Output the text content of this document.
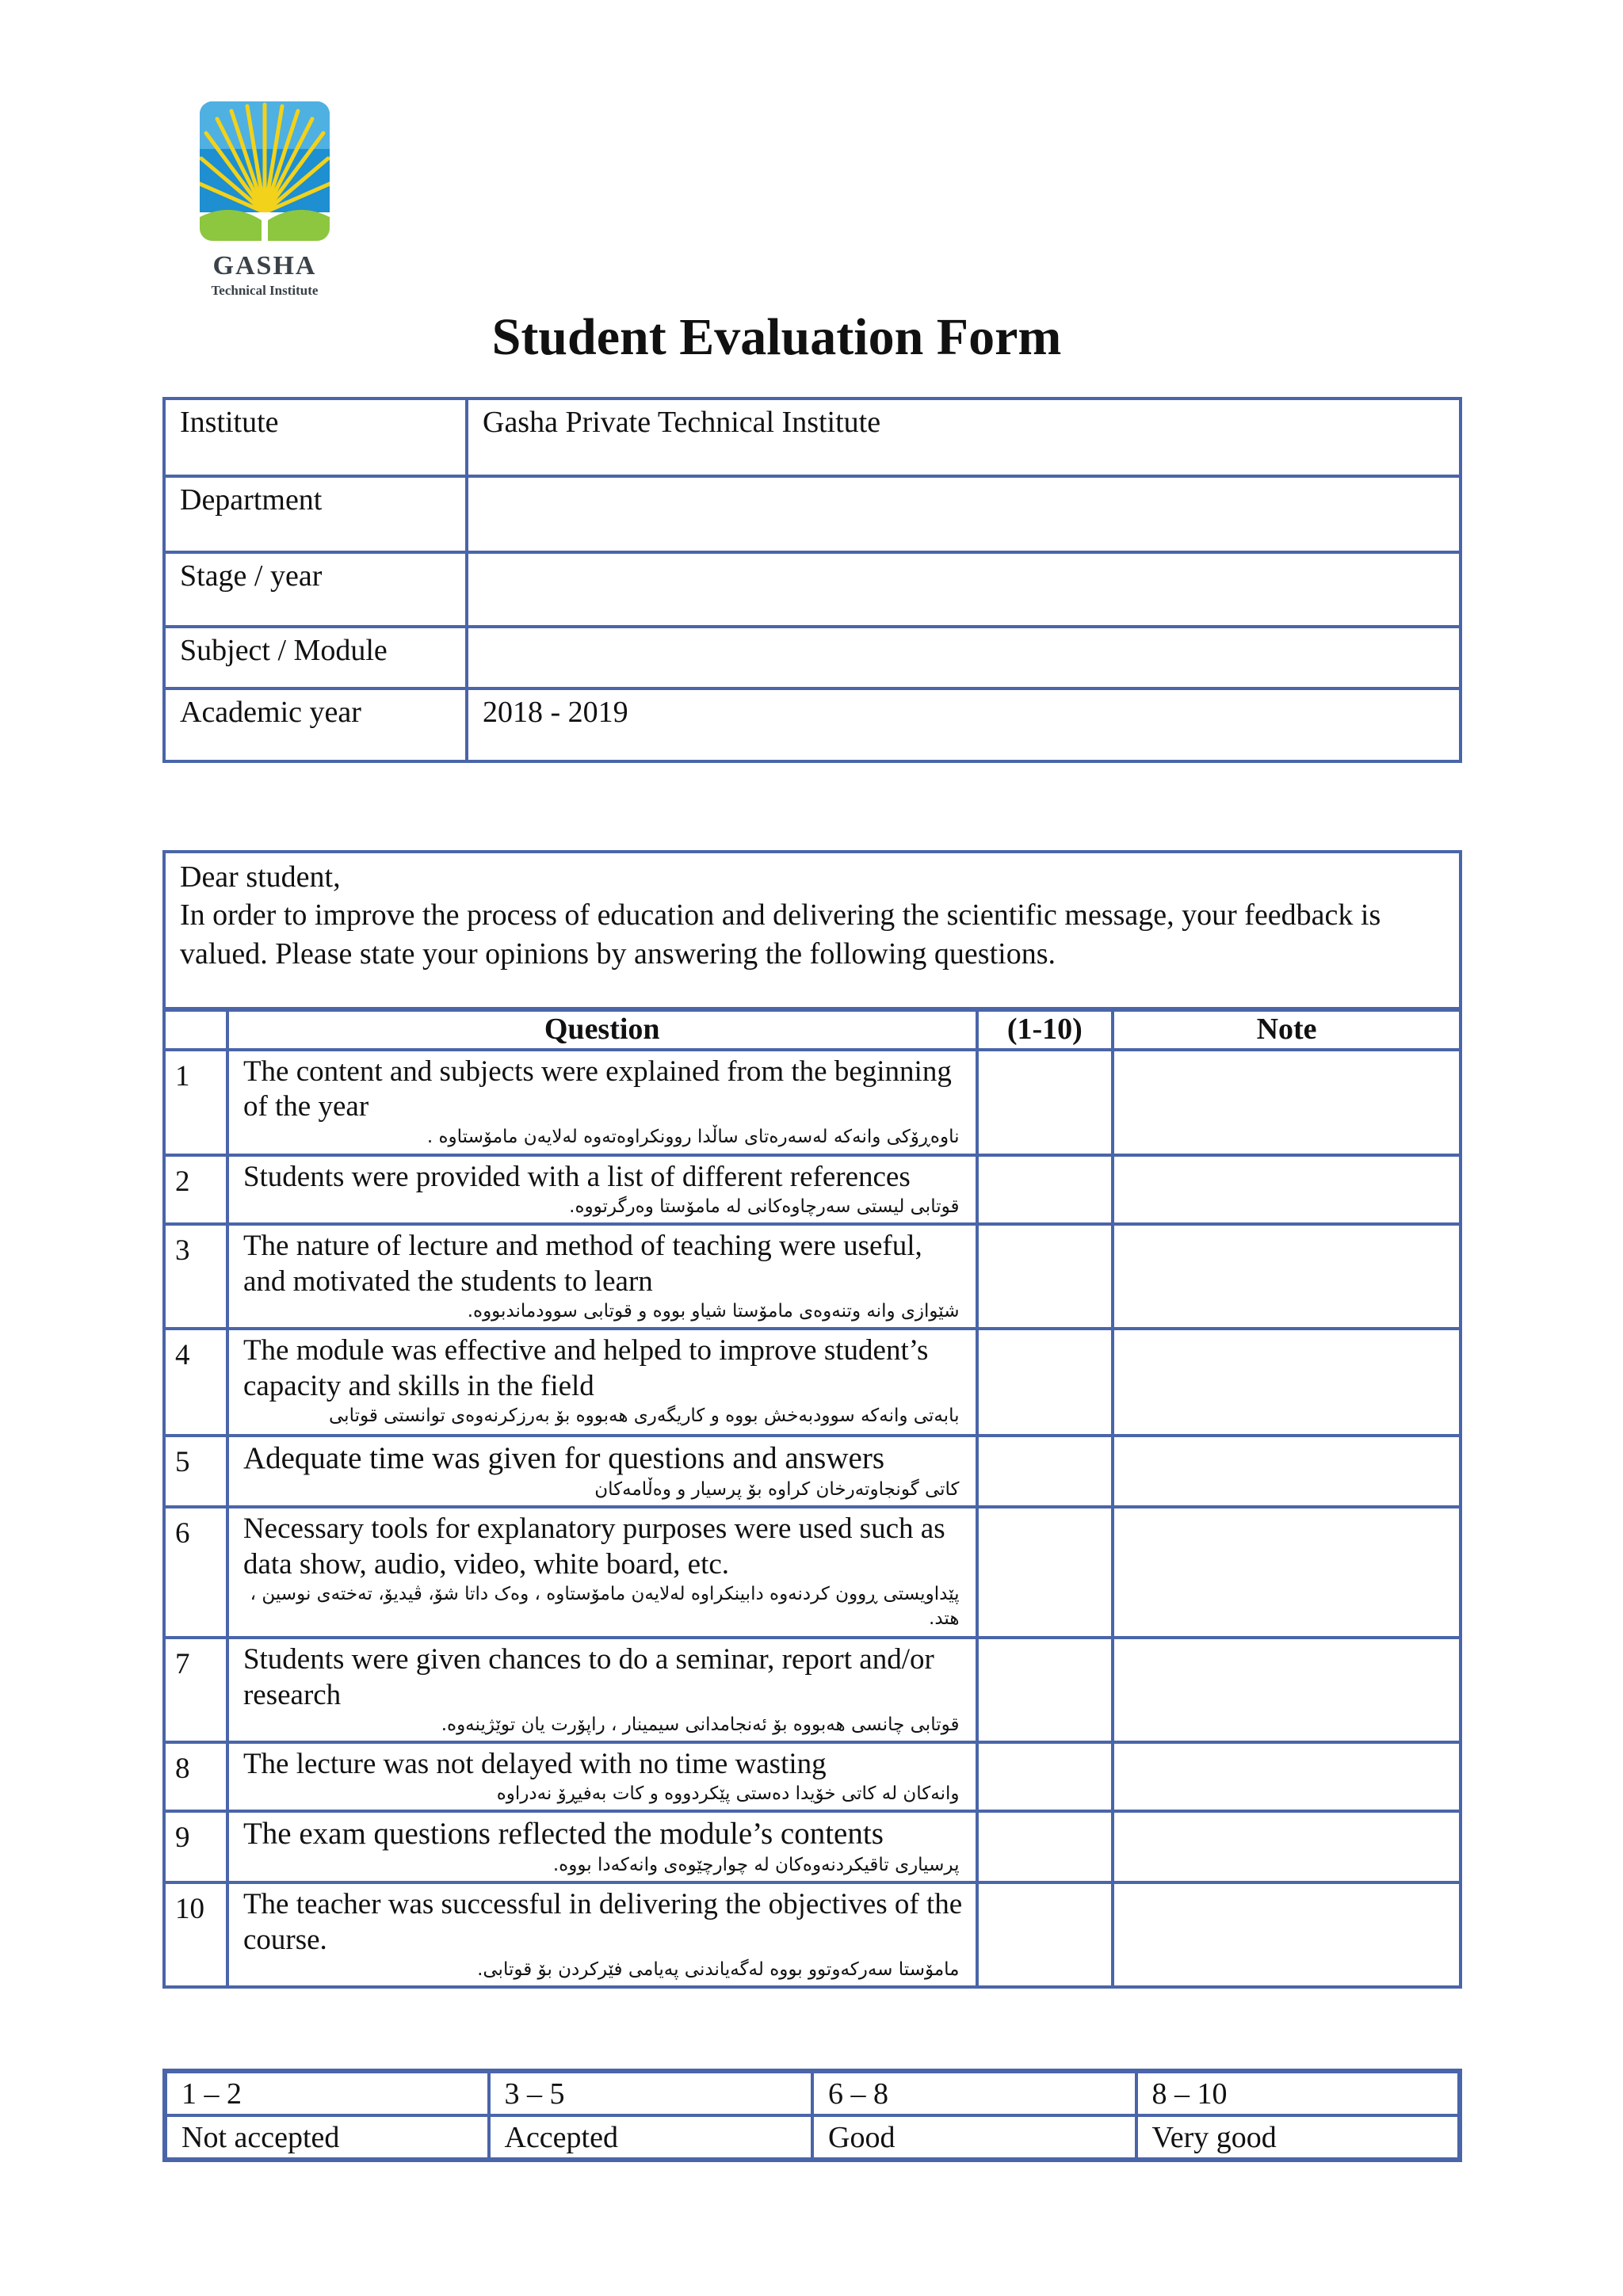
GASHA
Technical Institute
Student Evaluation Form
Institute	Gasha Private Technical Institute
Department	
Stage / year	
Subject / Module	
Academic year	2018 - 2019
Dear student,
In order to improve the process of education and delivering the scientific message, your feedback is valued. Please state your opinions by answering the following questions.
	Question	(1-10)	Note
1	The content and subjects were explained from the beginning of the year
ناوەڕۆکی وانەکە لەسەرەتای ساڵدا روونکراوەتەوە لەلایەن مامۆستاوە .		

2	Students were provided with a list of different references
قوتابی لیستی سەرچاوەکانی لە مامۆستا وەرگرتووە.		

3	The nature of lecture and method of teaching were useful, and motivated the students to learn
شێوازی وانە وتنەوەی مامۆستا شیاو بووە و قوتابی سوودماندبووە.		

4	The module was effective and helped to improve student’s capacity and skills in the field
بابەتی وانەکە سوودبەخش بووە و کاریگەری هەبووە بۆ بەرزکرنەوەی توانستی قوتابی		

5	Adequate time was given for questions and answers
کاتی گونجاوتەرخان کراوە بۆ پرسیار و وەڵامەکان		

6	Necessary tools for explanatory purposes were used such as data show, audio, video, white board, etc.
پێداویستی ڕوون کردنەوە دابینکراوە لەلایەن مامۆستاوە ، وەک داتا شۆ، ڤیدیۆ، تەختەی نوسین ، هتد.		

7	Students were given chances to do a seminar, report and/or research
قوتابی چانسی هەبووە بۆ ئەنجامدانی سیمینار ، راپۆرت یان توێژینەوە.		

8	The lecture was not delayed with no time wasting
وانەکان لە کاتی خۆیدا دەستی پێکردووە و کات بەفیڕۆ نەدراوە		

9	The exam questions reflected the module’s contents
پرسیاری تاقیکردنەوەکان لە چوارچێوەی وانەکەدا بووە.		

10	The teacher was successful in delivering the objectives of the course.
مامۆستا سەرکەوتوو بووە لەگەیاندنی پەیامی فێرکردن بۆ قوتابی.		

1 – 2	3 – 5	6 – 8	8 – 10
Not accepted	Accepted	Good	Very good
